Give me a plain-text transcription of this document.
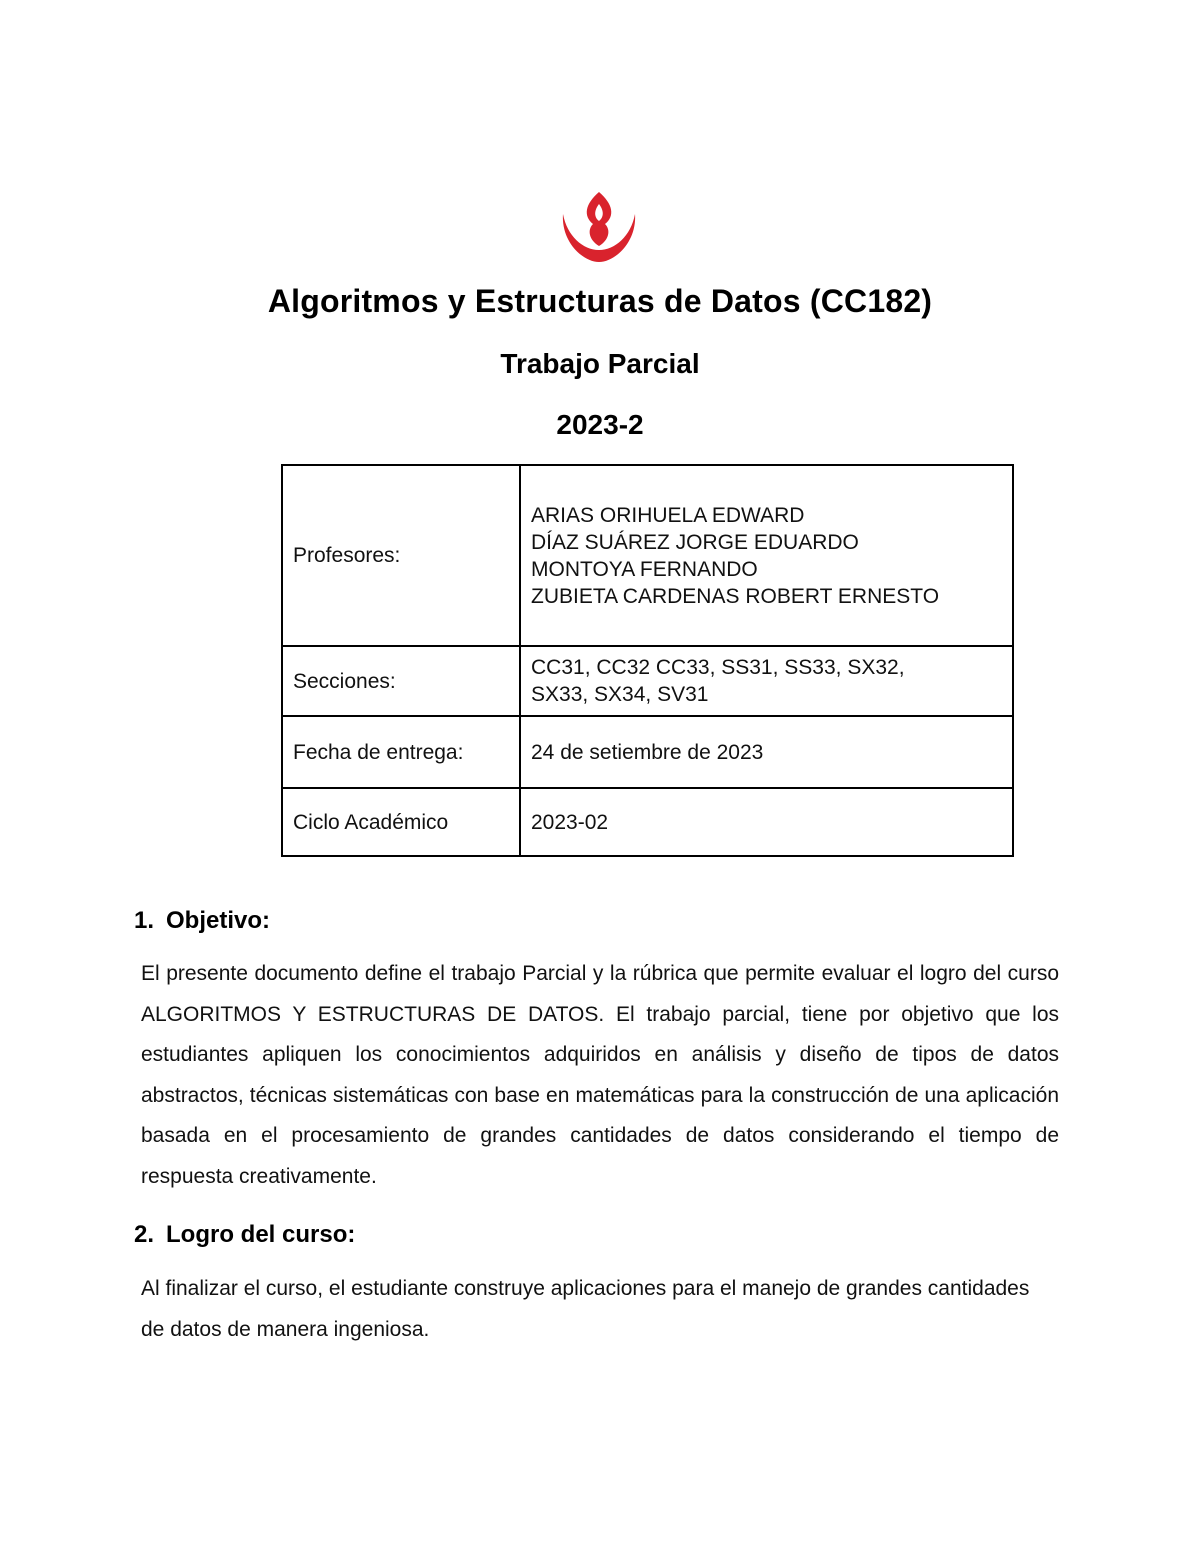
Algoritmos y Estructuras de Datos (CC182)
Trabajo Parcial
2023-2
Profesores:	ARIAS ORIHUELA EDWARD
DÍAZ SUÁREZ JORGE EDUARDO
MONTOYA FERNANDO
ZUBIETA CARDENAS ROBERT ERNESTO

Secciones:	CC31, CC32 CC33, SS31, SS33, SX32,
SX33, SX34, SV31

Fecha de entrega:	24 de setiembre de 2023
Ciclo Académico	2023-02
1. Objetivo:
El presente documento define el trabajo Parcial y la rúbrica que permite evaluar el logro del curso ALGORITMOS Y ESTRUCTURAS DE DATOS. El trabajo parcial, tiene por objetivo que los estudiantes apliquen los conocimientos adquiridos en análisis y diseño de tipos de datos abstractos, técnicas sistemáticas con base en matemáticas para la construcción de una aplicación basada en el procesamiento de grandes cantidades de datos considerando el tiempo de respuesta creativamente.
2. Logro del curso:
Al finalizar el curso, el estudiante construye aplicaciones para el manejo de grandes cantidades de datos de manera ingeniosa.
